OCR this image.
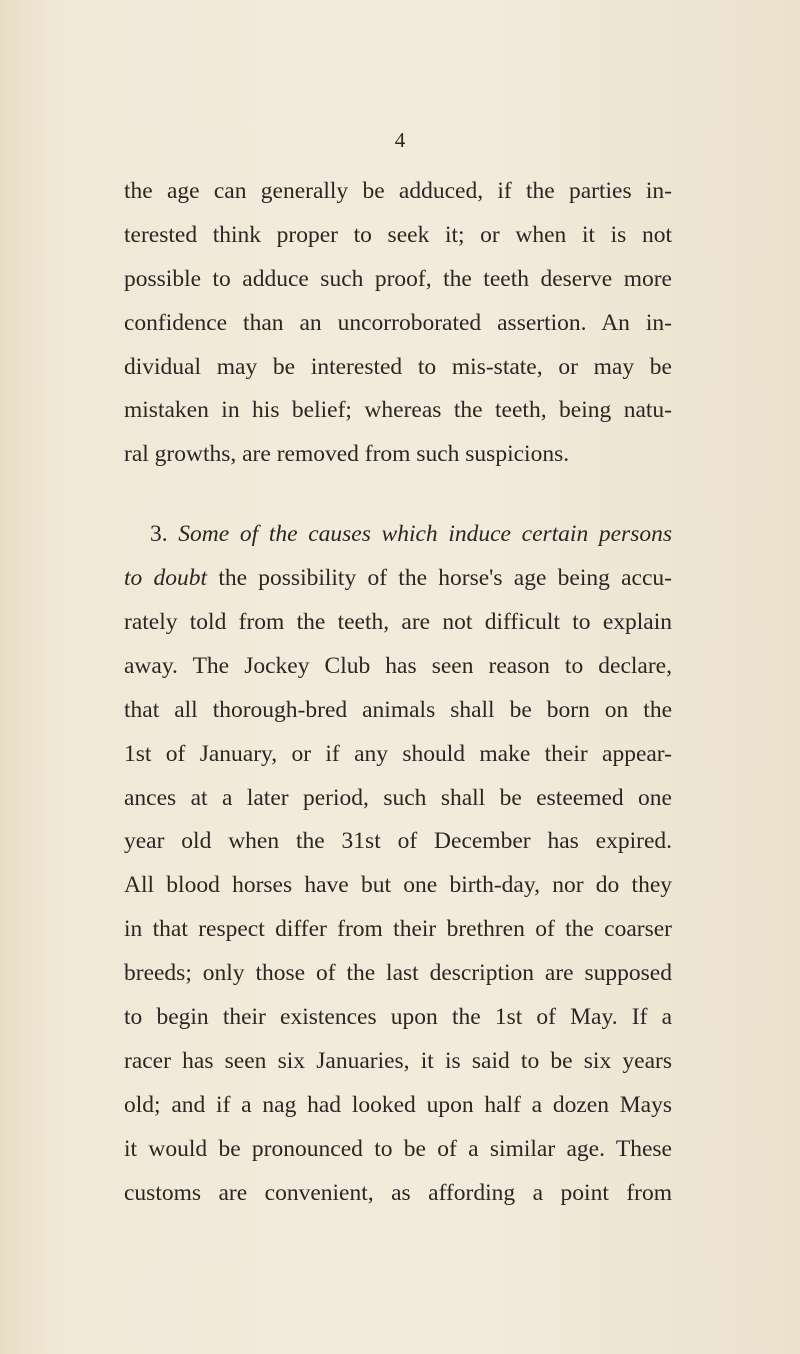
4
the age can generally be adduced, if the parties in-
terested think proper to seek it; or when it is not
possible to adduce such proof, the teeth deserve more
confidence than an uncorroborated assertion. An in-
dividual may be interested to mis-state, or may be
mistaken in his belief; whereas the teeth, being natu-
ral growths, are removed from such suspicions.
3. Some of the causes which induce certain persons
to doubt the possibility of the horse's age being accu-
rately told from the teeth, are not difficult to explain
away. The Jockey Club has seen reason to declare,
that all thorough-bred animals shall be born on the
1st of January, or if any should make their appear-
ances at a later period, such shall be esteemed one
year old when the 31st of December has expired.
All blood horses have but one birth-day, nor do they
in that respect differ from their brethren of the coarser
breeds; only those of the last description are supposed
to begin their existences upon the 1st of May. If a
racer has seen six Januaries, it is said to be six years
old; and if a nag had looked upon half a dozen Mays
it would be pronounced to be of a similar age. These
customs are convenient, as affording a point from
